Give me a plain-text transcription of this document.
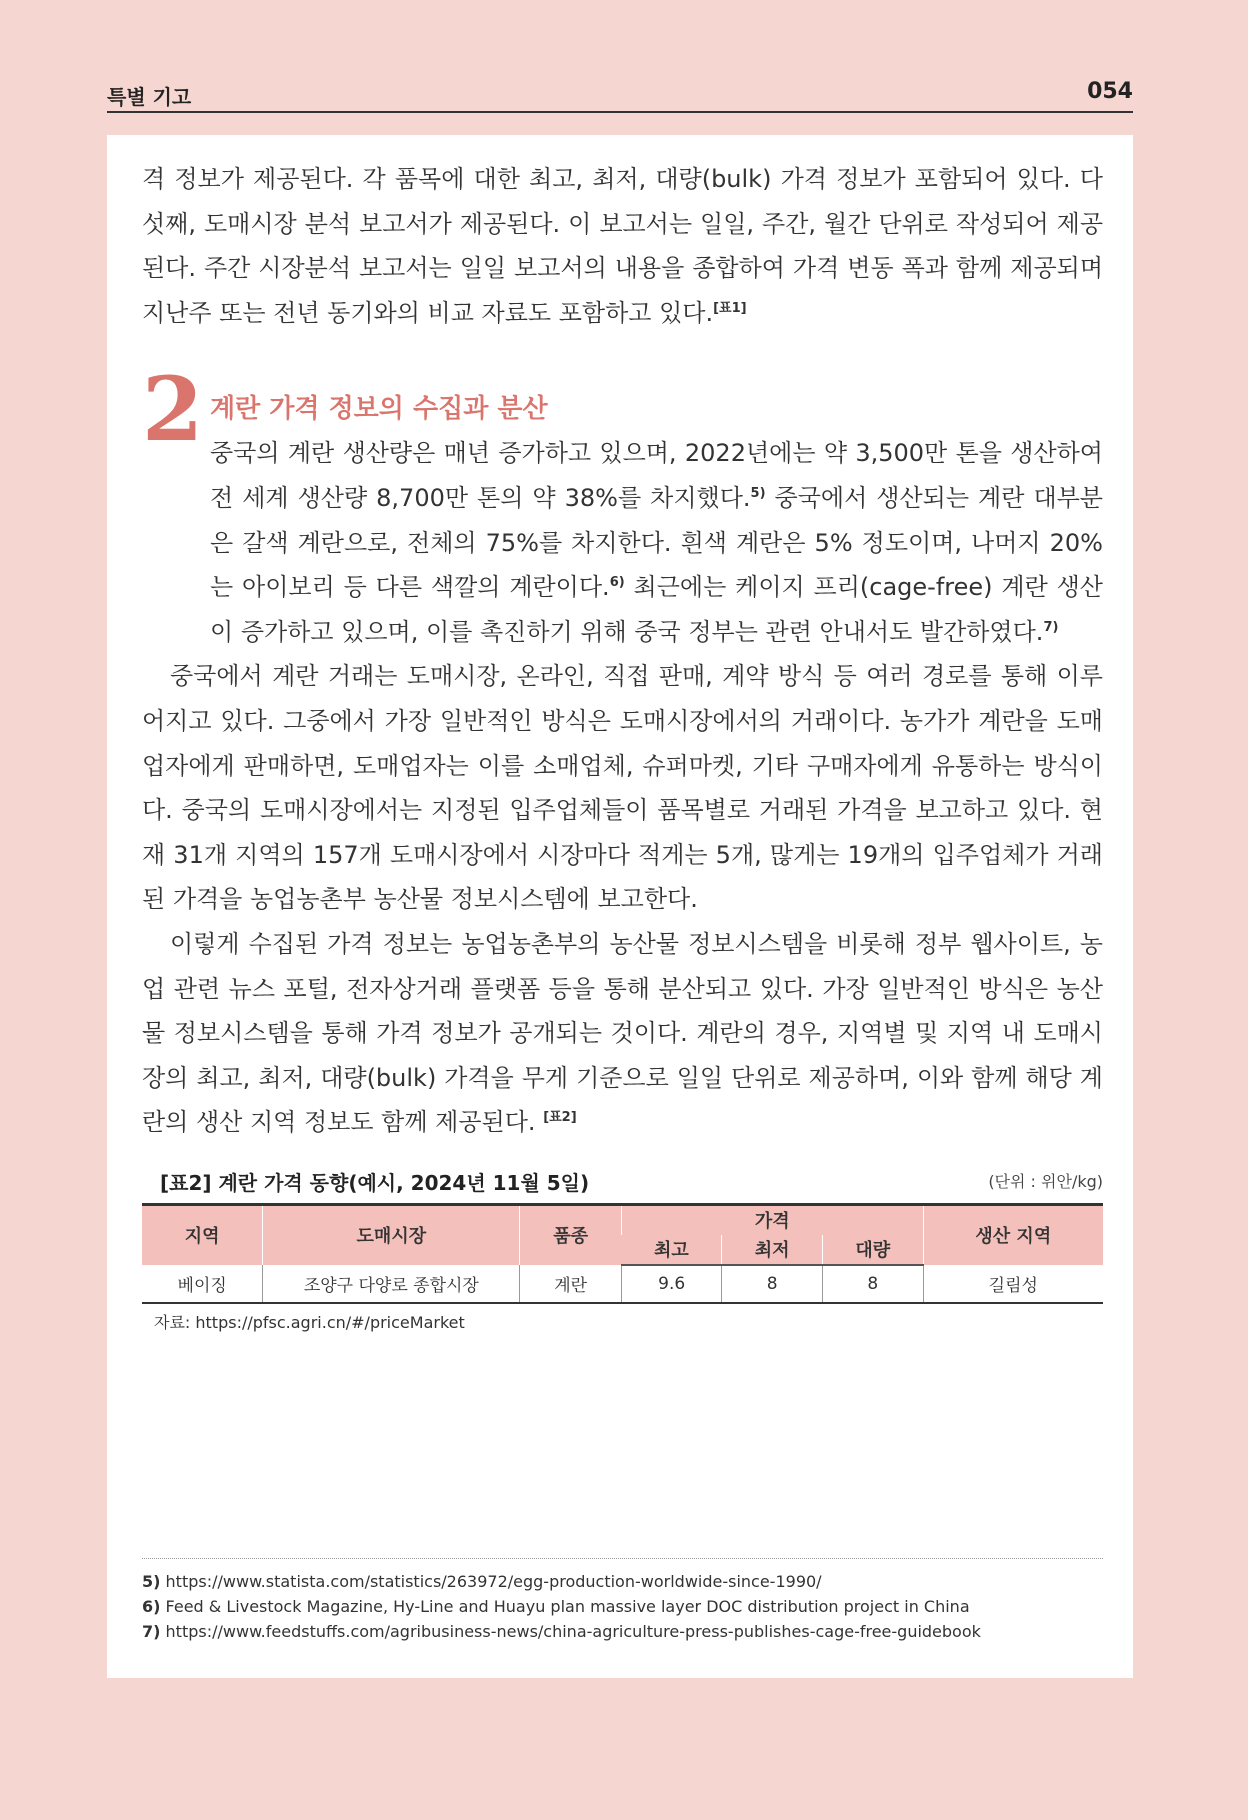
특별 기고	054

격 정보가 제공된다. 각 품목에 대한 최고, 최저, 대량(bulk) 가격 정보가 포함되어 있다. 다섯째, 도매시장 분석 보고서가 제공된다. 이 보고서는 일일, 주간, 월간 단위로 작성되어 제공된다. 주간 시장분석 보고서는 일일 보고서의 내용을 종합하여 가격 변동 폭과 함께 제공되며 지난주 또는 전년 동기와의 비교 자료도 포함하고 있다.[표1]

2 계란 가격 정보의 수집과 분산

중국의 계란 생산량은 매년 증가하고 있으며, 2022년에는 약 3,500만 톤을 생산하여 전 세계 생산량 8,700만 톤의 약 38%를 차지했다.$^{5)}$ 중국에서 생산되는 계란 대부분은 갈색 계란으로, 전체의 75%를 차지한다. 흰색 계란은 5% 정도이며, 나머지 20%는 아이보리 등 다른 색깔의 계란이다.$^{6)}$ 최근에는 케이지 프리(cage-free) 계란 생산이 증가하고 있으며, 이를 촉진하기 위해 중국 정부는 관련 안내서도 발간하였다.$^{7)}$

중국에서 계란 거래는 도매시장, 온라인, 직접 판매, 계약 방식 등 여러 경로를 통해 이루어지고 있다. 그중에서 가장 일반적인 방식은 도매시장에서의 거래이다. 농가가 계란을 도매업자에게 판매하면, 도매업자는 이를 소매업체, 슈퍼마켓, 기타 구매자에게 유통하는 방식이다. 중국의 도매시장에서는 지정된 입주업체들이 품목별로 거래된 가격을 보고하고 있다. 현재 31개 지역의 157개 도매시장에서 시장마다 적게는 5개, 많게는 19개의 입주업체가 거래된 가격을 농업농촌부 농산물 정보시스템에 보고한다.

이렇게 수집된 가격 정보는 농업농촌부의 농산물 정보시스템을 비롯해 정부 웹사이트, 농업 관련 뉴스 포털, 전자상거래 플랫폼 등을 통해 분산되고 있다. 가장 일반적인 방식은 농산물 정보시스템을 통해 가격 정보가 공개되는 것이다. 계란의 경우, 지역별 및 지역 내 도매시장의 최고, 최저, 대량(bulk) 가격을 무게 기준으로 일일 단위로 제공하며, 이와 함께 해당 계란의 생산 지역 정보도 함께 제공된다. [표2]

[표2] 계란 가격 동향(예시, 2024년 11월 5일)	(단위 : 위안/kg)
지역	도매시장	품종	가격			생산 지역
			최고	최저	대량	
베이징	조양구 다양로 종합시장	계란	9.6	8	8	길림성
자료: https://pfsc.agri.cn/#/priceMarket
5) https://www.statista.com/statistics/263972/egg-production-worldwide-since-1990/
6) Feed & Livestock Magazine, Hy-Line and Huayu plan massive layer DOC distribution project in China
7) https://www.feedstuffs.com/agribusiness-news/china-agriculture-press-publishes-cage-free-guidebook
